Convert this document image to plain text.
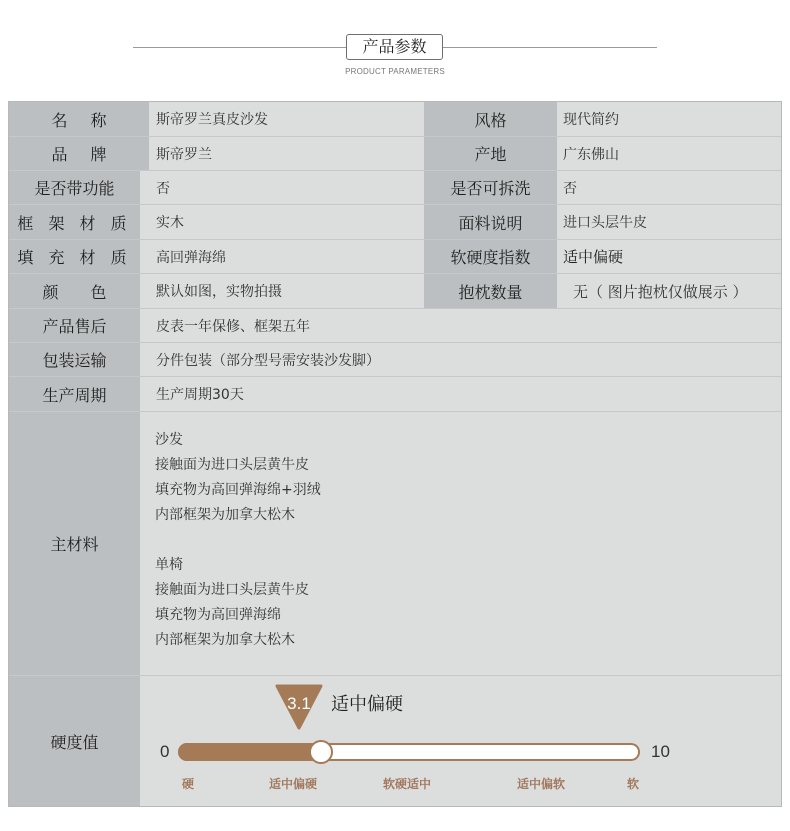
产品参数
PRODUCT PARAMETERS
名 称	斯帝罗兰真皮沙发	风格	现代简约
品 牌	斯帝罗兰	产地	广东佛山
是否带功能	否	是否可拆洗	否
框 架 材 质	实木	面料说明	进口头层牛皮
填 充 材 质	高回弹海绵	软硬度指数	适中偏硬
颜　　色	默认如图，实物拍摄	抱枕数量	无（ 图片抱枕仅做展示 ）
产品售后	皮表一年保修、框架五年
包装运输	分件包装（部分型号需安装沙发脚）
生产周期	生产周期30天
主材料
沙发
接触面为进口头层黄牛皮
填充物为高回弹海绵+羽绒
内部框架为加拿大松木
单椅
接触面为进口头层黄牛皮
填充物为高回弹海绵
内部框架为加拿大松木
硬度值
3.1 适中偏硬
0	10
硬	适中偏硬	软硬适中	适中偏软	软
